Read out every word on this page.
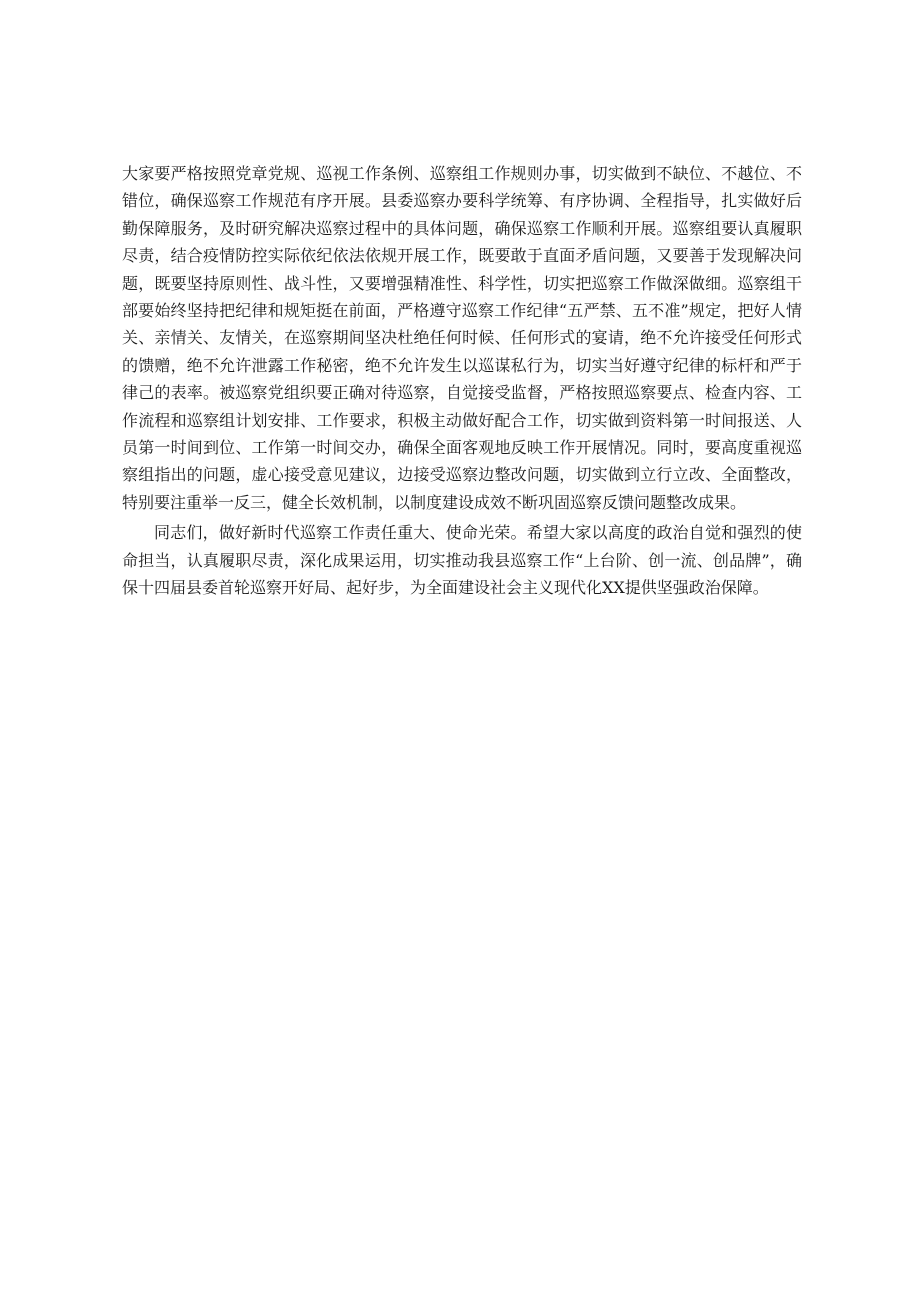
大家要严格按照党章党规、巡视工作条例、巡察组工作规则办事，切实做到不缺位、不越位、不错位，确保巡察工作规范有序开展。县委巡察办要科学统筹、有序协调、全程指导，扎实做好后勤保障服务，及时研究解决巡察过程中的具体问题，确保巡察工作顺利开展。巡察组要认真履职尽责，结合疫情防控实际依纪依法依规开展工作，既要敢于直面矛盾问题，又要善于发现解决问题，既要坚持原则性、战斗性，又要增强精准性、科学性，切实把巡察工作做深做细。巡察组干部要始终坚持把纪律和规矩挺在前面，严格遵守巡察工作纪律“五严禁、五不准”规定，把好人情关、亲情关、友情关，在巡察期间坚决杜绝任何时候、任何形式的宴请，绝不允许接受任何形式的馈赠，绝不允许泄露工作秘密，绝不允许发生以巡谋私行为，切实当好遵守纪律的标杆和严于律己的表率。被巡察党组织要正确对待巡察，自觉接受监督，严格按照巡察要点、检查内容、工作流程和巡察组计划安排、工作要求，积极主动做好配合工作，切实做到资料第一时间报送、人员第一时间到位、工作第一时间交办，确保全面客观地反映工作开展情况。同时，要高度重视巡察组指出的问题，虚心接受意见建议，边接受巡察边整改问题，切实做到立行立改、全面整改，特别要注重举一反三，健全长效机制，以制度建设成效不断巩固巡察反馈问题整改成果。

同志们，做好新时代巡察工作责任重大、使命光荣。希望大家以高度的政治自觉和强烈的使命担当，认真履职尽责，深化成果运用，切实推动我县巡察工作“上台阶、创一流、创品牌”，确保十四届县委首轮巡察开好局、起好步，为全面建设社会主义现代化XX提供坚强政治保障。
